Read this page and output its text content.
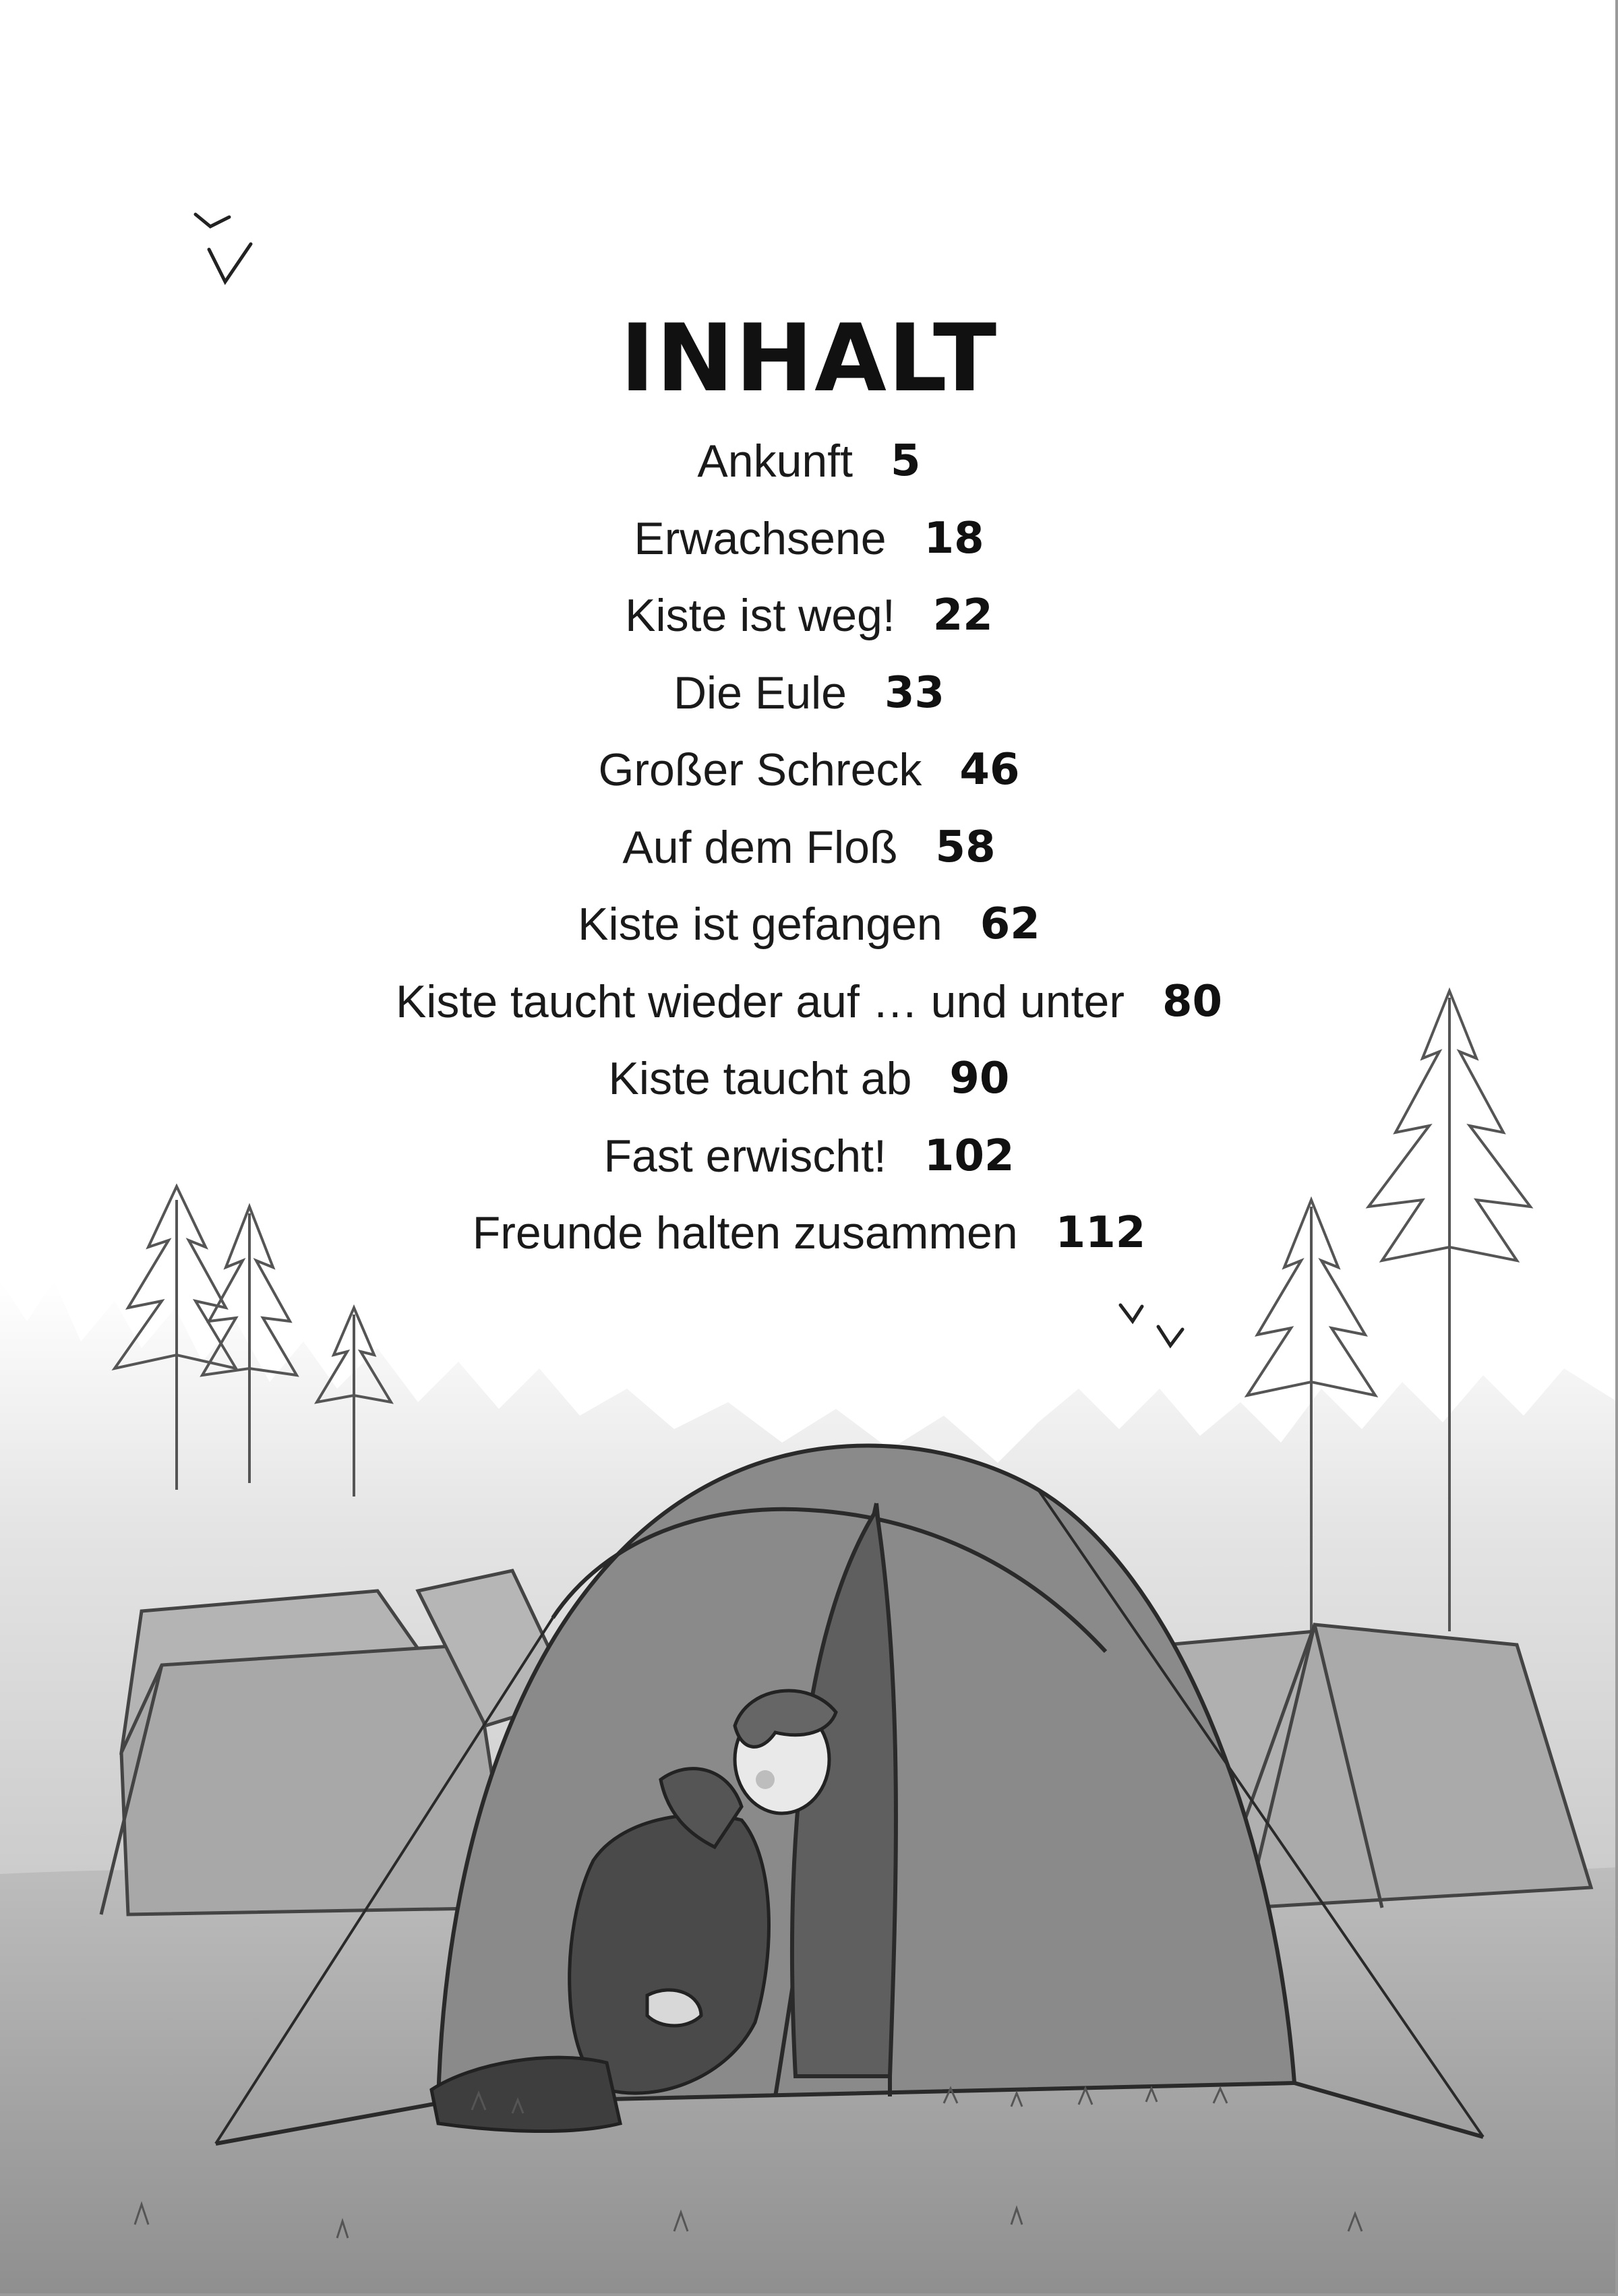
INHALT
Ankunft 5
Erwachsene 18
Kiste ist weg! 22
Die Eule 33
Großer Schreck 46
Auf dem Floß 58
Kiste ist gefangen 62
Kiste taucht wieder auf … und unter 80
Kiste taucht ab 90
Fast erwischt! 102
Freunde halten zusammen 112
